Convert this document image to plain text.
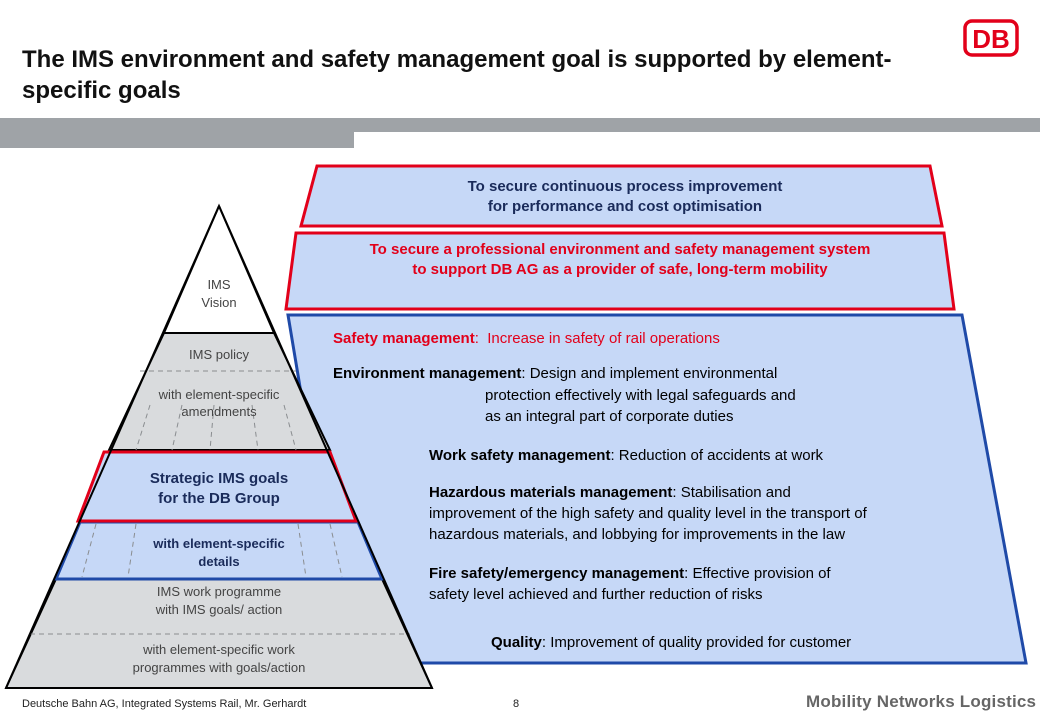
The IMS environment and safety management goal is supported by element-specific goals
DB
IMS
Vision
IMS policy
with element-specific
amendments
Strategic IMS goals
for the DB Group
with element-specific
details
IMS work programme
with IMS goals/ action
with element-specific work
programmes with goals/action
To secure continuous process improvement
for performance and cost optimisation
To secure a professional environment and safety management system
to support DB AG as a provider of safe, long-term mobility
Safety management:  Increase in safety of rail operations
Environment management: Design and implement environmental
protection effectively with legal safeguards and
as an integral part of corporate duties
Work safety management: Reduction of accidents at work
Hazardous materials management: Stabilisation and
improvement of the high safety and quality level in the transport of
hazardous materials, and lobbying for improvements in the law
Fire safety/emergency management: Effective provision of
safety level achieved and further reduction of risks
Quality: Improvement of quality provided for customer
Deutsche Bahn AG, Integrated Systems Rail, Mr. Gerhardt	8	Mobility Networks Logistics
